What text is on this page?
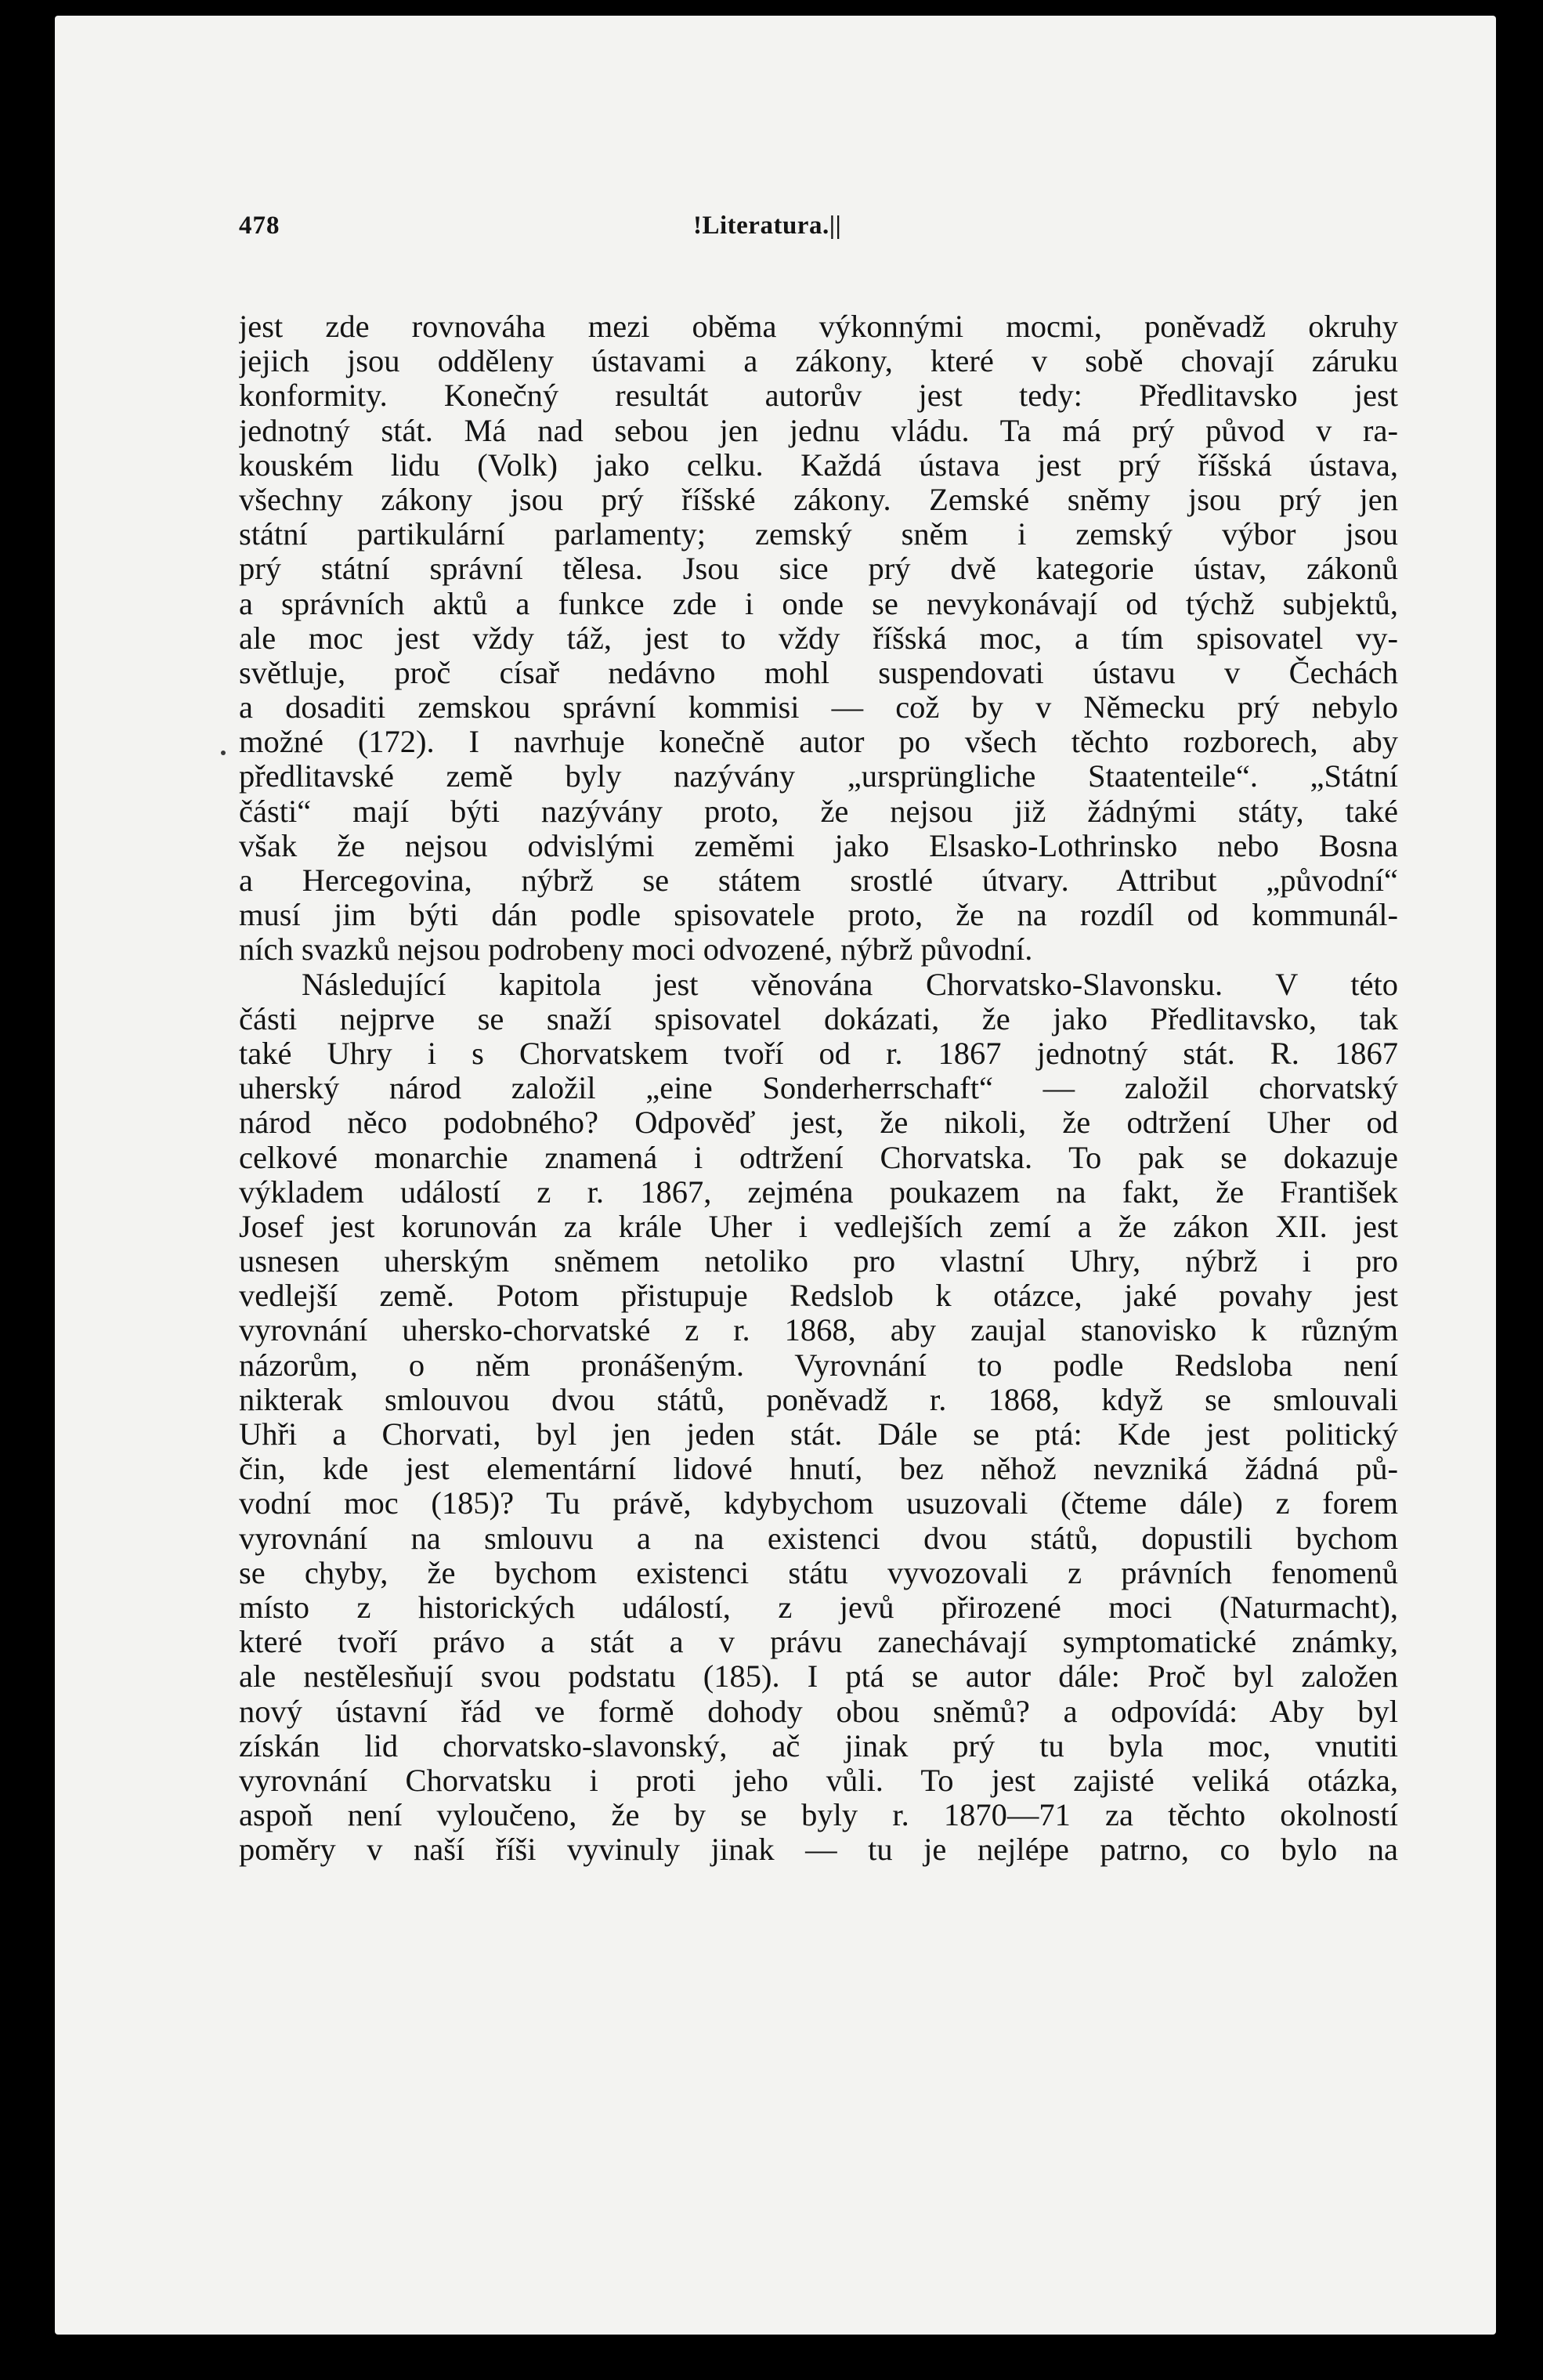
478	!Literatura.||
jest zde rovnováha mezi oběma výkonnými mocmi, poněvadž okruhy
jejich jsou odděleny ústavami a zákony, které v sobě chovají záruku
konformity. Konečný resultát autorův jest tedy: Předlitavsko jest
jednotný stát. Má nad sebou jen jednu vládu. Ta má prý původ v ra-
kouském lidu (Volk) jako celku. Každá ústava jest prý říšská ústava,
všechny zákony jsou prý říšské zákony. Zemské sněmy jsou prý jen
státní partikulární parlamenty; zemský sněm i zemský výbor jsou
prý státní správní tělesa. Jsou sice prý dvě kategorie ústav, zákonů
a správních aktů a funkce zde i onde se nevykonávají od týchž subjektů,
ale moc jest vždy táž, jest to vždy říšská moc, a tím spisovatel vy-
světluje, proč císař nedávno mohl suspendovati ústavu v Čechách
a dosaditi zemskou správní kommisi — což by v Německu prý nebylo
možné (172). I navrhuje konečně autor po všech těchto rozborech, aby
předlitavské země byly nazývány „ursprüngliche Staatenteile“. „Státní
části“ mají býti nazývány proto, že nejsou již žádnými státy, také
však že nejsou odvislými zeměmi jako Elsasko-Lothrinsko nebo Bosna
a Hercegovina, nýbrž se státem srostlé útvary. Attribut „původní“
musí jim býti dán podle spisovatele proto, že na rozdíl od kommunál-
ních svazků nejsou podrobeny moci odvozené, nýbrž původní.
Následující kapitola jest věnována Chorvatsko-Slavonsku. V této
části nejprve se snaží spisovatel dokázati, že jako Předlitavsko, tak
také Uhry i s Chorvatskem tvoří od r. 1867 jednotný stát. R. 1867
uherský národ založil „eine Sonderherrschaft“ — založil chorvatský
národ něco podobného? Odpověď jest, že nikoli, že odtržení Uher od
celkové monarchie znamená i odtržení Chorvatska. To pak se dokazuje
výkladem událostí z r. 1867, zejména poukazem na fakt, že František
Josef jest korunován za krále Uher i vedlejších zemí a že zákon XII. jest
usnesen uherským sněmem netoliko pro vlastní Uhry, nýbrž i pro
vedlejší země. Potom přistupuje Redslob k otázce, jaké povahy jest
vyrovnání uhersko-chorvatské z r. 1868, aby zaujal stanovisko k různým
názorům, o něm pronášeným. Vyrovnání to podle Redsloba není
nikterak smlouvou dvou států, poněvadž r. 1868, když se smlouvali
Uhři a Chorvati, byl jen jeden stát. Dále se ptá: Kde jest politický
čin, kde jest elementární lidové hnutí, bez něhož nevzniká žádná pů-
vodní moc (185)? Tu právě, kdybychom usuzovali (čteme dále) z forem
vyrovnání na smlouvu a na existenci dvou států, dopustili bychom
se chyby, že bychom existenci státu vyvozovali z právních fenomenů
místo z historických událostí, z jevů přirozené moci (Naturmacht),
které tvoří právo a stát a v právu zanechávají symptomatické známky,
ale nestělesňují svou podstatu (185). I ptá se autor dále: Proč byl založen
nový ústavní řád ve formě dohody obou sněmů? a odpovídá: Aby byl
získán lid chorvatsko-slavonský, ač jinak prý tu byla moc, vnutiti
vyrovnání Chorvatsku i proti jeho vůli. To jest zajisté veliká otázka,
aspoň není vyloučeno, že by se byly r. 1870—71 za těchto okolností
poměry v naší říši vyvinuly jinak — tu je nejlépe patrno, co bylo na
